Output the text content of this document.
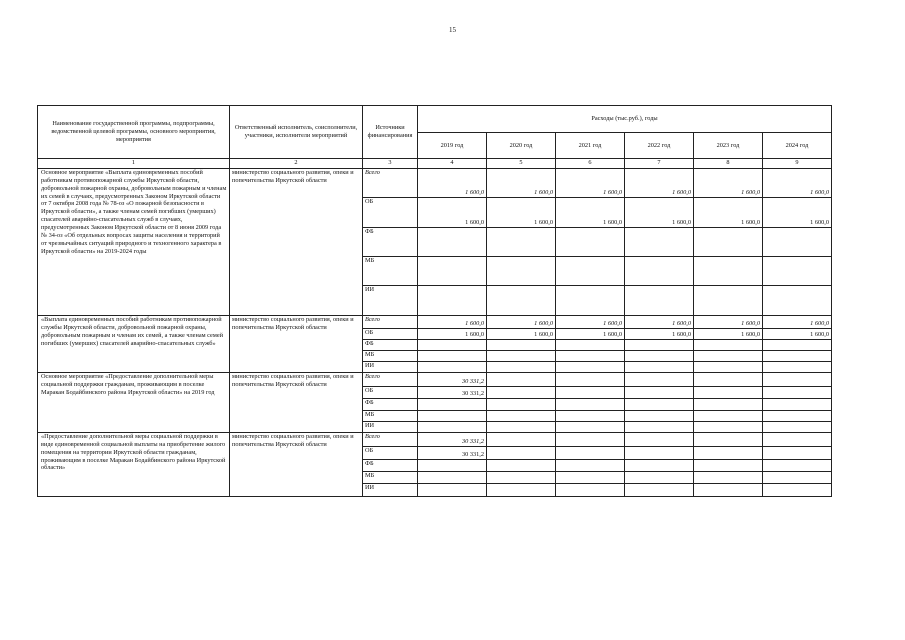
15
Наименование государственной программы, подпрограммы, ведомственной целевой программы, основного мероприятия, мероприятия	Ответственный исполнитель, соисполнители, участники, исполнители мероприятий	Источники финансирования	Расходы (тыс.руб.), годы					
			2019 год	2020 год	2021 год	2022 год	2023 год	2024 год
1	2	3	4	5	6	7	8	9
Основное мероприятие «Выплата единовременных пособий работникам противопожарной службы Иркутской области, добровольной пожарной охраны, добровольным пожарным и членам их семей в случаях, предусмотренных Законом Иркутской области от 7 октября 2008 года № 78-оз «О пожарной безопасности в Иркутской области», а также членам семей погибших (умерших) спасателей аварийно-спасательных служб в случаях, предусмотренных Законом Иркутской области от 8 июня 2009 года № 34-оз «Об отдельных вопросах защиты населения и территорий от чрезвычайных ситуаций природного и техногенного характера в Иркутской области» на 2019-2024 годы	министерство социального развития, опеки и попечительства Иркутской области	Всего	1 600,0	1 600,0	1 600,0	1 600,0	1 600,0	1 600,0
		ОБ	1 600,0	1 600,0	1 600,0	1 600,0	1 600,0	1 600,0
		ФБ						
		МБ						
		ИИ						
«Выплата единовременных пособий работникам противопожарной службы Иркутской области, добровольной пожарной охраны, добровольным пожарным и членам их семей, а также членам семей погибших (умерших) спасателей аварийно-спасательных служб»	министерство социального развития, опеки и попечительства Иркутской области	Всего	1 600,0	1 600,0	1 600,0	1 600,0	1 600,0	1 600,0
		ОБ	1 600,0	1 600,0	1 600,0	1 600,0	1 600,0	1 600,0
		ФБ						
		МБ						
		ИИ						
Основное мероприятие «Предоставление дополнительной меры социальной поддержки гражданам, проживающим в поселке Маракан Бодайбинского района Иркутской области» на 2019 год	министерство социального развития, опеки и попечительства Иркутской области	Всего	30 331,2					
		ОБ	30 331,2					
		ФБ						
		МБ						
		ИИ						
«Предоставление дополнительной меры социальной поддержки в виде единовременной социальной выплаты на приобретение жилого помещения на территории Иркутской области гражданам, проживающим в поселке Маракан Бодайбинского района Иркутской области»	министерство социального развития, опеки и попечительства Иркутской области	Всего	30 331,2					
		ОБ	30 331,2					
		ФБ						
		МБ						
		ИИ						
